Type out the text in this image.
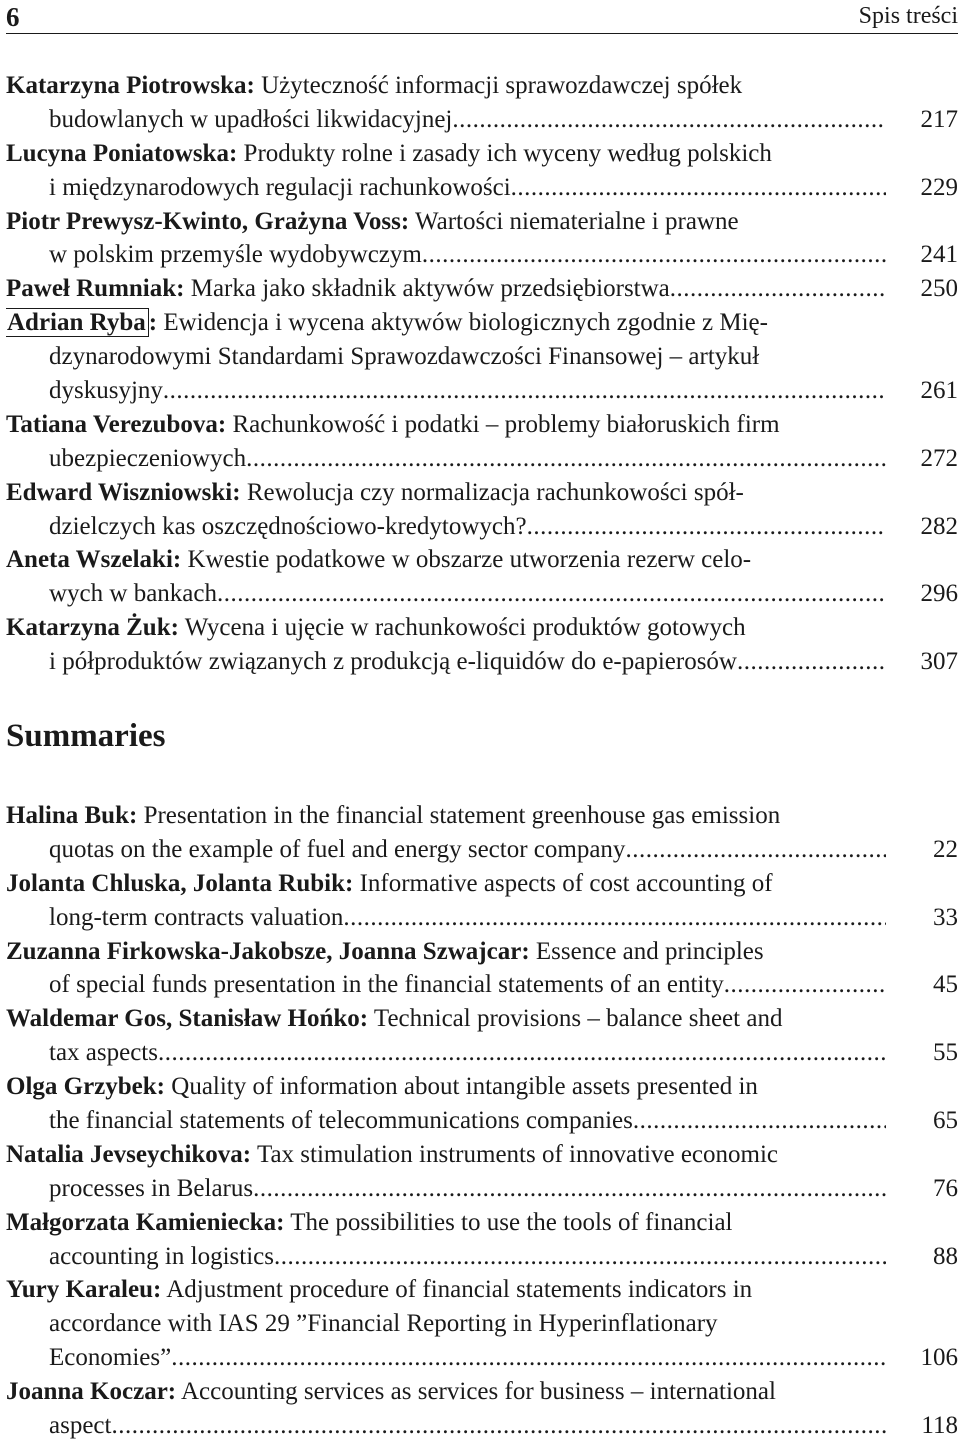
6	Spis treści
Katarzyna Piotrowska: Użyteczność informacji sprawozdawczej spółek
budowlanych w upadłości likwidacyjnej .....	217
Lucyna Poniatowska: Produkty rolne i zasady ich wyceny według polskich
i międzynarodowych regulacji rachunkowości .....	229
Piotr Prewysz-Kwinto, Grażyna Voss: Wartości niematerialne i prawne
w polskim przemyśle wydobywczym .....	241
Paweł Rumniak: Marka jako składnik aktywów przedsiębiorstwa .....	250
Adrian Ryba : Ewidencja i wycena aktywów biologicznych zgodnie z Mię-
dzynarodowymi Standardami Sprawozdawczości Finansowej – artykuł
dyskusyjny .....	261
Tatiana Verezubova: Rachunkowość i podatki – problemy białoruskich firm
ubezpieczeniowych .....	272
Edward Wiszniowski: Rewolucja czy normalizacja rachunkowości spół-
dzielczych kas oszczędnościowo-kredytowych? .....	282
Aneta Wszelaki: Kwestie podatkowe w obszarze utworzenia rezerw celo-
wych w bankach .....	296
Katarzyna Żuk: Wycena i ujęcie w rachunkowości produktów gotowych
i półproduktów związanych z produkcją e-liquidów do e-papierosów .....	307
Summaries
Halina Buk: Presentation in the financial statement greenhouse gas emission
quotas on the example of fuel and energy sector company .....	22
Jolanta Chluska, Jolanta Rubik: Informative aspects of cost accounting of
long-term contracts valuation .....	33
Zuzanna Firkowska-Jakobsze, Joanna Szwajcar: Essence and principles
of special funds presentation in the financial statements of an entity .....	45
Waldemar Gos, Stanisław Hońko: Technical provisions – balance sheet and
tax aspects .....	55
Olga Grzybek: Quality of information about intangible assets presented in
the financial statements of telecommunications companies .....	65
Natalia Jevseychikova: Tax stimulation instruments of innovative economic
processes in Belarus .....	76
Małgorzata Kamieniecka: The possibilities to use the tools of financial
accounting in logistics .....	88
Yury Karaleu: Adjustment procedure of financial statements indicators in
accordance with IAS 29 ”Financial Reporting in Hyperinflationary
Economies” .....	106
Joanna Koczar: Accounting services as services for business – international
aspect .....	118
